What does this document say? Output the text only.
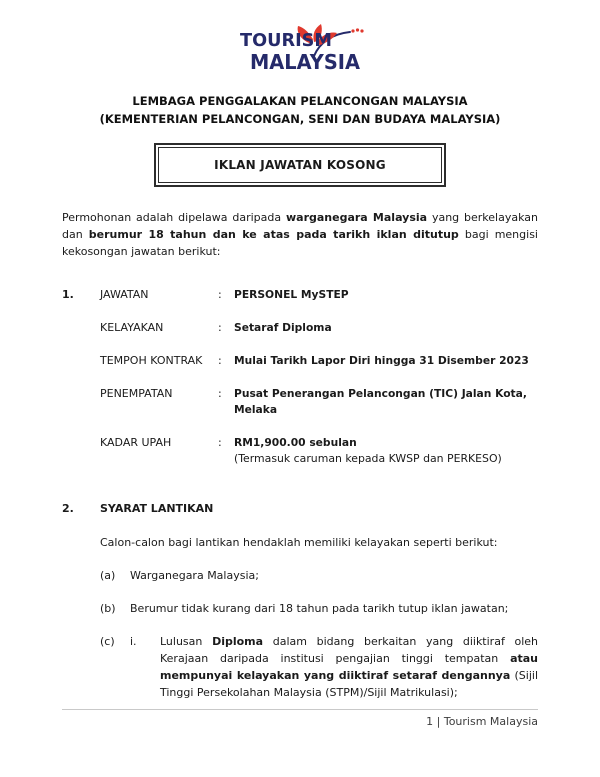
TOURISM
MALAYSIA
LEMBAGA PENGGALAKAN PELANCONGAN MALAYSIA
(KEMENTERIAN PELANCONGAN, SENI DAN BUDAYA MALAYSIA)
IKLAN JAWATAN KOSONG

Permohonan adalah dipelawa daripada warganegara Malaysia yang berkelayakan dan berumur 18 tahun dan ke atas pada tarikh iklan ditutup bagi mengisi kekosongan jawatan berikut:

1.	JAWATAN	:	PERSONEL MySTEP
KELAYAKAN	:	Setaraf Diploma
TEMPOH KONTRAK	:	Mulai Tarikh Lapor Diri hingga 31 Disember 2023
PENEMPATAN	:	Pusat Penerangan Pelancongan (TIC) Jalan Kota, Melaka
KADAR UPAH	:	RM1,900.00 sebulan
(Termasuk caruman kepada KWSP dan PERKESO)
2.	SYARAT LANTIKAN
Calon-calon bagi lantikan hendaklah memiliki kelayakan seperti berikut:
(a)	Warganegara Malaysia;
(b)	Berumur tidak kurang dari 18 tahun pada tarikh tutup iklan jawatan;
(c)	i.	Lulusan Diploma dalam bidang berkaitan yang diiktiraf oleh Kerajaan daripada institusi pengajian tinggi tempatan atau mempunyai kelayakan yang diiktiraf setaraf dengannya (Sijil Tinggi Persekolahan Malaysia (STPM)/Sijil Matrikulasi);
1 | Tourism Malaysia
